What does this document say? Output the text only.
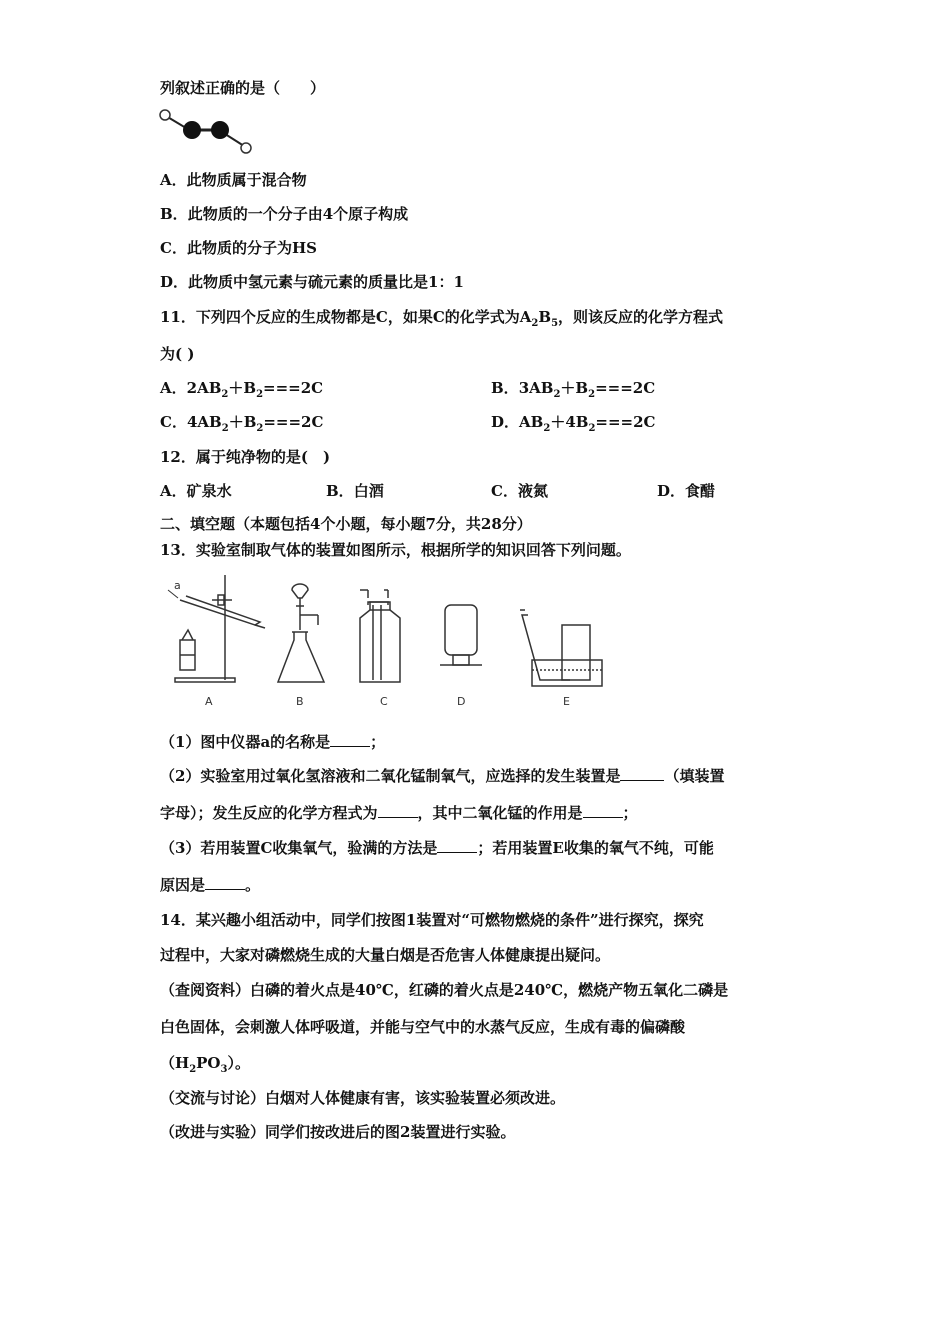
列叙述正确的是（　　）
A．此物质属于混合物
B．此物质的一个分子由4个原子构成
C．此物质的分子为HS
D．此物质中氢元素与硫元素的质量比是1：1
11．下列四个反应的生成物都是C，如果C的化学式为$A_2B_5$，则该反应的化学方程式
为( )
A．$2AB_2+B_2===2C$	B．$3AB_2+B_2===2C$
C．$4AB_2+B_2===2C$	D．$AB_2+4B_2===2C$
12．属于纯净物的是(　)
A．矿泉水	B．白酒	C．液氮	D．食醋
二、填空题（本题包括4个小题，每小题7分，共28分）
13．实验室制取气体的装置如图所示，根据所学的知识回答下列问题。
a
A	B	C	D	E
（1）图中仪器a的名称是	；
（2）实验室用过氧化氢溶液和二氧化锰制氧气，应选择的发生装置是	（填装置
字母）；发生反应的化学方程式为	，其中二氧化锰的作用是	；
（3）若用装置C收集氧气，验满的方法是	；若用装置E收集的氧气不纯，可能
原因是	。
14．某兴趣小组活动中，同学们按图1装置对“可燃物燃烧的条件”进行探究，探究
过程中，大家对磷燃烧生成的大量白烟是否危害人体健康提出疑问。
（查阅资料）白磷的着火点是40℃，红磷的着火点是240℃，燃烧产物五氧化二磷是
白色固体，会刺激人体呼吸道，并能与空气中的水蒸气反应，生成有毒的偏磷酸
$(H_2PO_3)$。
（交流与讨论）白烟对人体健康有害，该实验装置必须改进。
（改进与实验）同学们按改进后的图2装置进行实验。
